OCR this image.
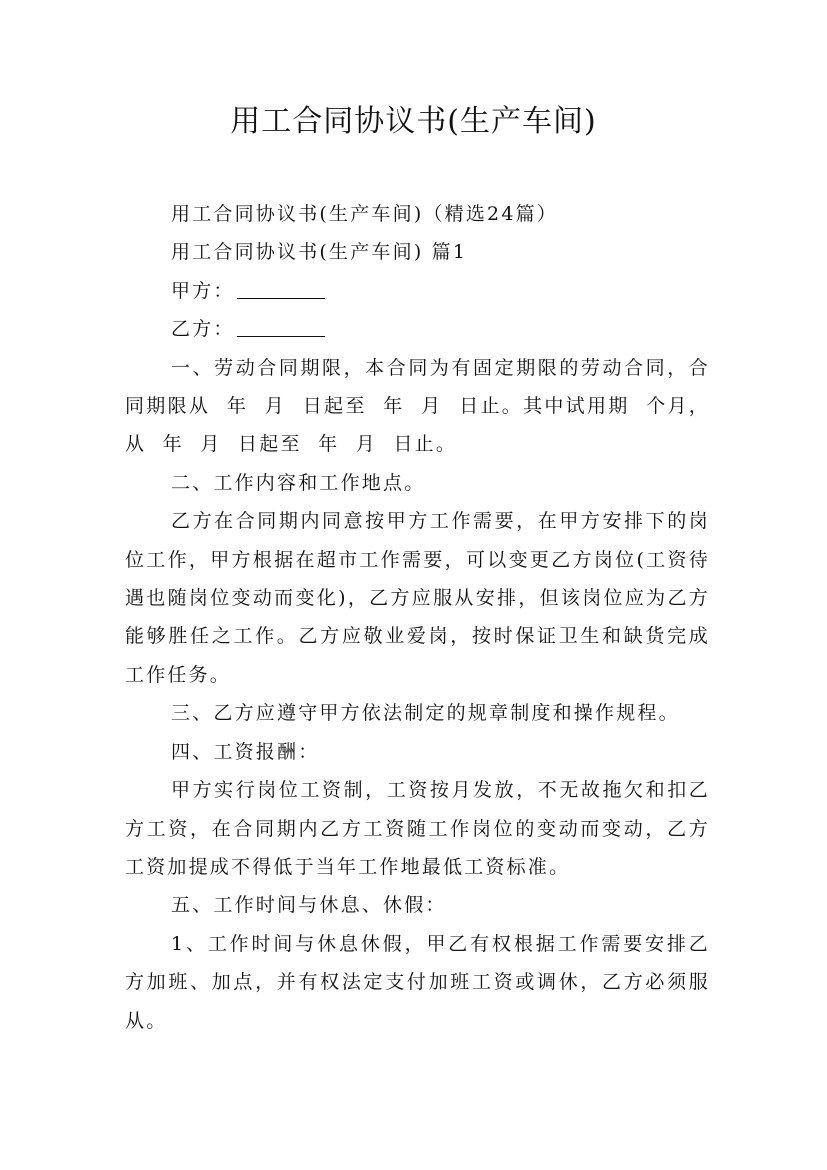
用工合同协议书(生产车间)

用工合同协议书(生产车间)（精选24篇）

用工合同协议书(生产车间) 篇1

甲方：

乙方：

一、劳动合同期限，本合同为有固定期限的劳动合同，合同期限从  年  月  日起至  年  月  日止。其中试用期  个月，从  年  月  日起至  年  月  日止。

二、工作内容和工作地点。

乙方在合同期内同意按甲方工作需要，在甲方安排下的岗位工作，甲方根据在超市工作需要，可以变更乙方岗位(工资待遇也随岗位变动而变化)，乙方应服从安排，但该岗位应为乙方能够胜任之工作。乙方应敬业爱岗，按时保证卫生和缺货完成工作任务。

三、乙方应遵守甲方依法制定的规章制度和操作规程。

四、工资报酬：

甲方实行岗位工资制，工资按月发放，不无故拖欠和扣乙方工资，在合同期内乙方工资随工作岗位的变动而变动，乙方工资加提成不得低于当年工作地最低工资标准。

五、工作时间与休息、休假：

1、工作时间与休息休假，甲乙有权根据工作需要安排乙方加班、加点，并有权法定支付加班工资或调休，乙方必须服从。
